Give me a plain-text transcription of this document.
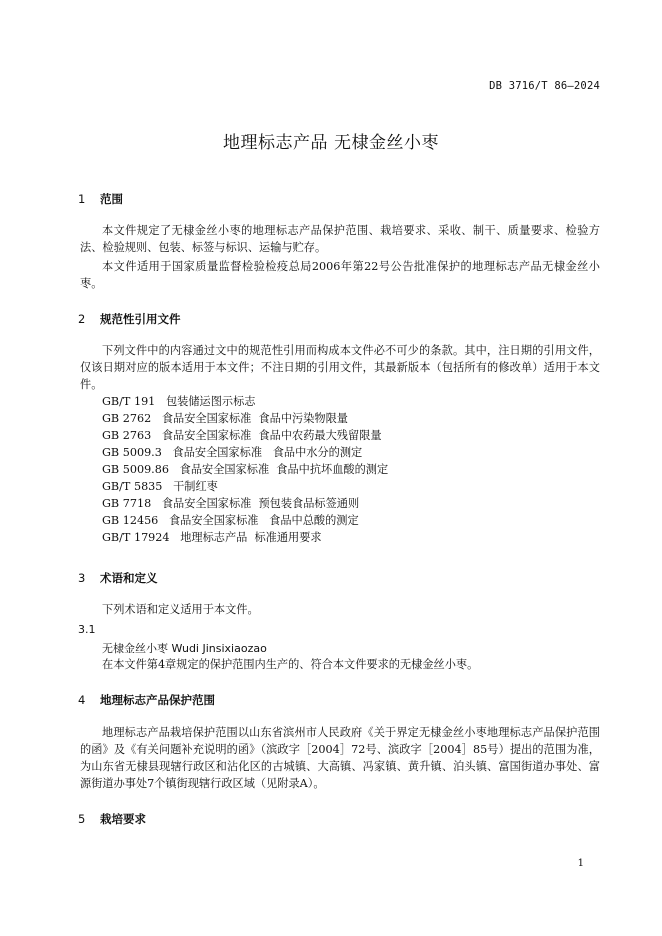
DB 3716/T 86—2024
地理标志产品 无棣金丝小枣
1 范围
本文件规定了无棣金丝小枣的地理标志产品保护范围、栽培要求、采收、制干、质量要求、检验方法、检验规则、包装、标签与标识、运输与贮存。
本文件适用于国家质量监督检验检疫总局2006年第22号公告批准保护的地理标志产品无棣金丝小枣。
2 规范性引用文件
下列文件中的内容通过文中的规范性引用而构成本文件必不可少的条款。其中，注日期的引用文件，仅该日期对应的版本适用于本文件；不注日期的引用文件，其最新版本（包括所有的修改单）适用于本文件。
GB/T 191   包装储运图示标志
GB 2762   食品安全国家标准  食品中污染物限量
GB 2763   食品安全国家标准  食品中农药最大残留限量
GB 5009.3   食品安全国家标准   食品中水分的测定
GB 5009.86   食品安全国家标准  食品中抗坏血酸的测定
GB/T 5835   干制红枣
GB 7718   食品安全国家标准  预包装食品标签通则
GB 12456   食品安全国家标准   食品中总酸的测定
GB/T 17924   地理标志产品  标准通用要求
3 术语和定义
下列术语和定义适用于本文件。
3.1
无棣金丝小枣 Wudi Jinsixiaozao
在本文件第4章规定的保护范围内生产的、符合本文件要求的无棣金丝小枣。
4 地理标志产品保护范围
地理标志产品栽培保护范围以山东省滨州市人民政府《关于界定无棣金丝小枣地理标志产品保护范围的函》及《有关问题补充说明的函》（滨政字［2004］72号、滨政字［2004］85号）提出的范围为准，为山东省无棣县现辖行政区和沾化区的古城镇、大高镇、冯家镇、黄升镇、泊头镇、富国街道办事处、富源街道办事处7个镇街现辖行政区域（见附录A）。
5 栽培要求
1
